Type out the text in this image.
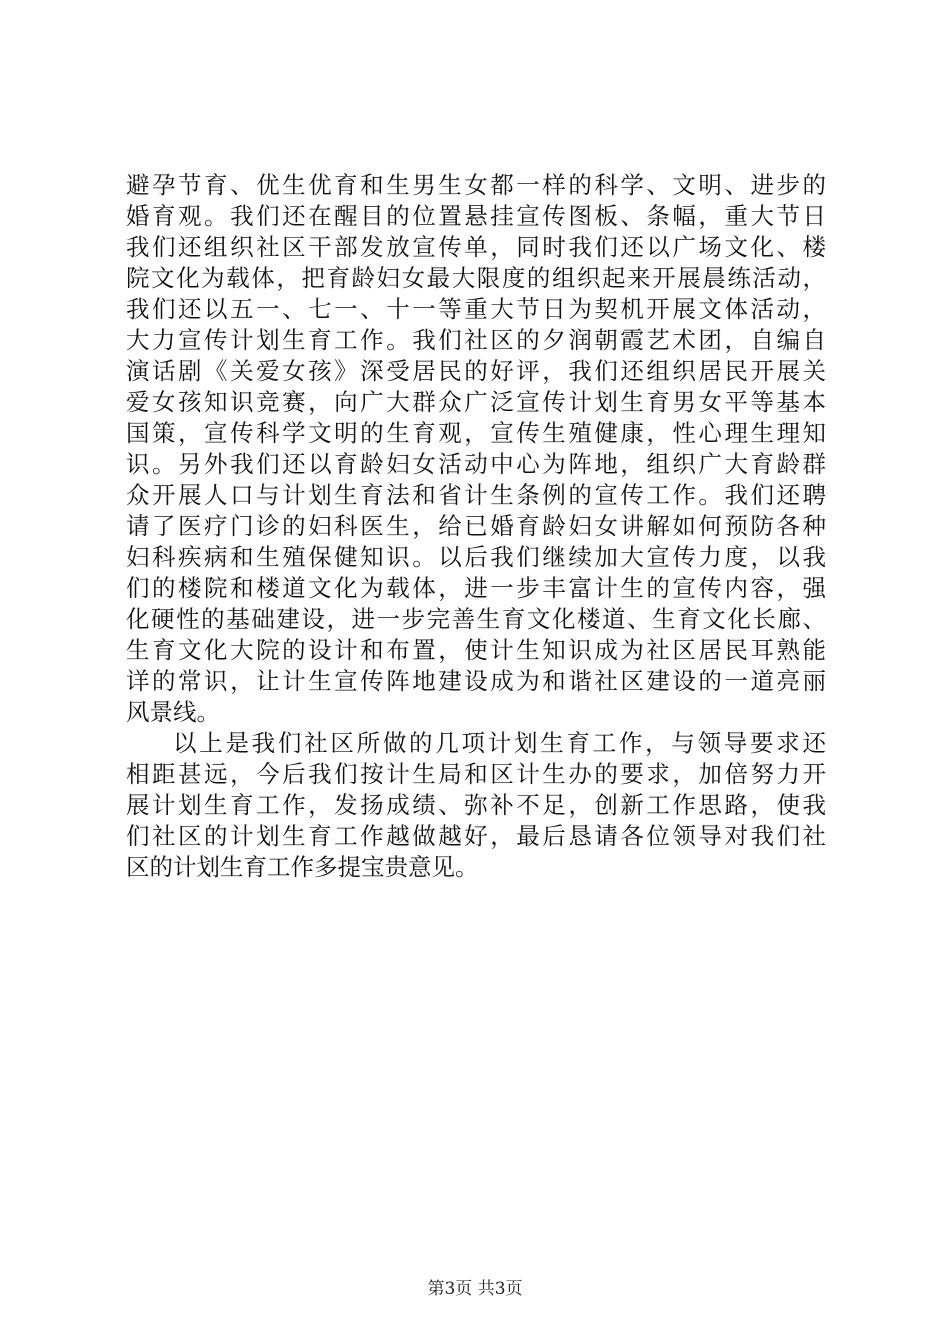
避孕节育、优生优育和生男生女都一样的科学、文明、进步的
婚育观。我们还在醒目的位置悬挂宣传图板、条幅，重大节日
我们还组织社区干部发放宣传单，同时我们还以广场文化、楼
院文化为载体，把育龄妇女最大限度的组织起来开展晨练活动，
我们还以五一、七一、十一等重大节日为契机开展文体活动，
大力宣传计划生育工作。我们社区的夕润朝霞艺术团，自编自
演话剧《关爱女孩》深受居民的好评，我们还组织居民开展关
爱女孩知识竞赛，向广大群众广泛宣传计划生育男女平等基本
国策，宣传科学文明的生育观，宣传生殖健康，性心理生理知
识。另外我们还以育龄妇女活动中心为阵地，组织广大育龄群
众开展人口与计划生育法和省计生条例的宣传工作。我们还聘
请了医疗门诊的妇科医生，给已婚育龄妇女讲解如何预防各种
妇科疾病和生殖保健知识。以后我们继续加大宣传力度，以我
们的楼院和楼道文化为载体，进一步丰富计生的宣传内容，强
化硬性的基础建设，进一步完善生育文化楼道、生育文化长廊、
生育文化大院的设计和布置，使计生知识成为社区居民耳熟能
详的常识，让计生宣传阵地建设成为和谐社区建设的一道亮丽
风景线。
以上是我们社区所做的几项计划生育工作，与领导要求还
相距甚远，今后我们按计生局和区计生办的要求，加倍努力开
展计划生育工作，发扬成绩、弥补不足，创新工作思路，使我
们社区的计划生育工作越做越好，最后恳请各位领导对我们社
区的计划生育工作多提宝贵意见。
第3页 共3页
